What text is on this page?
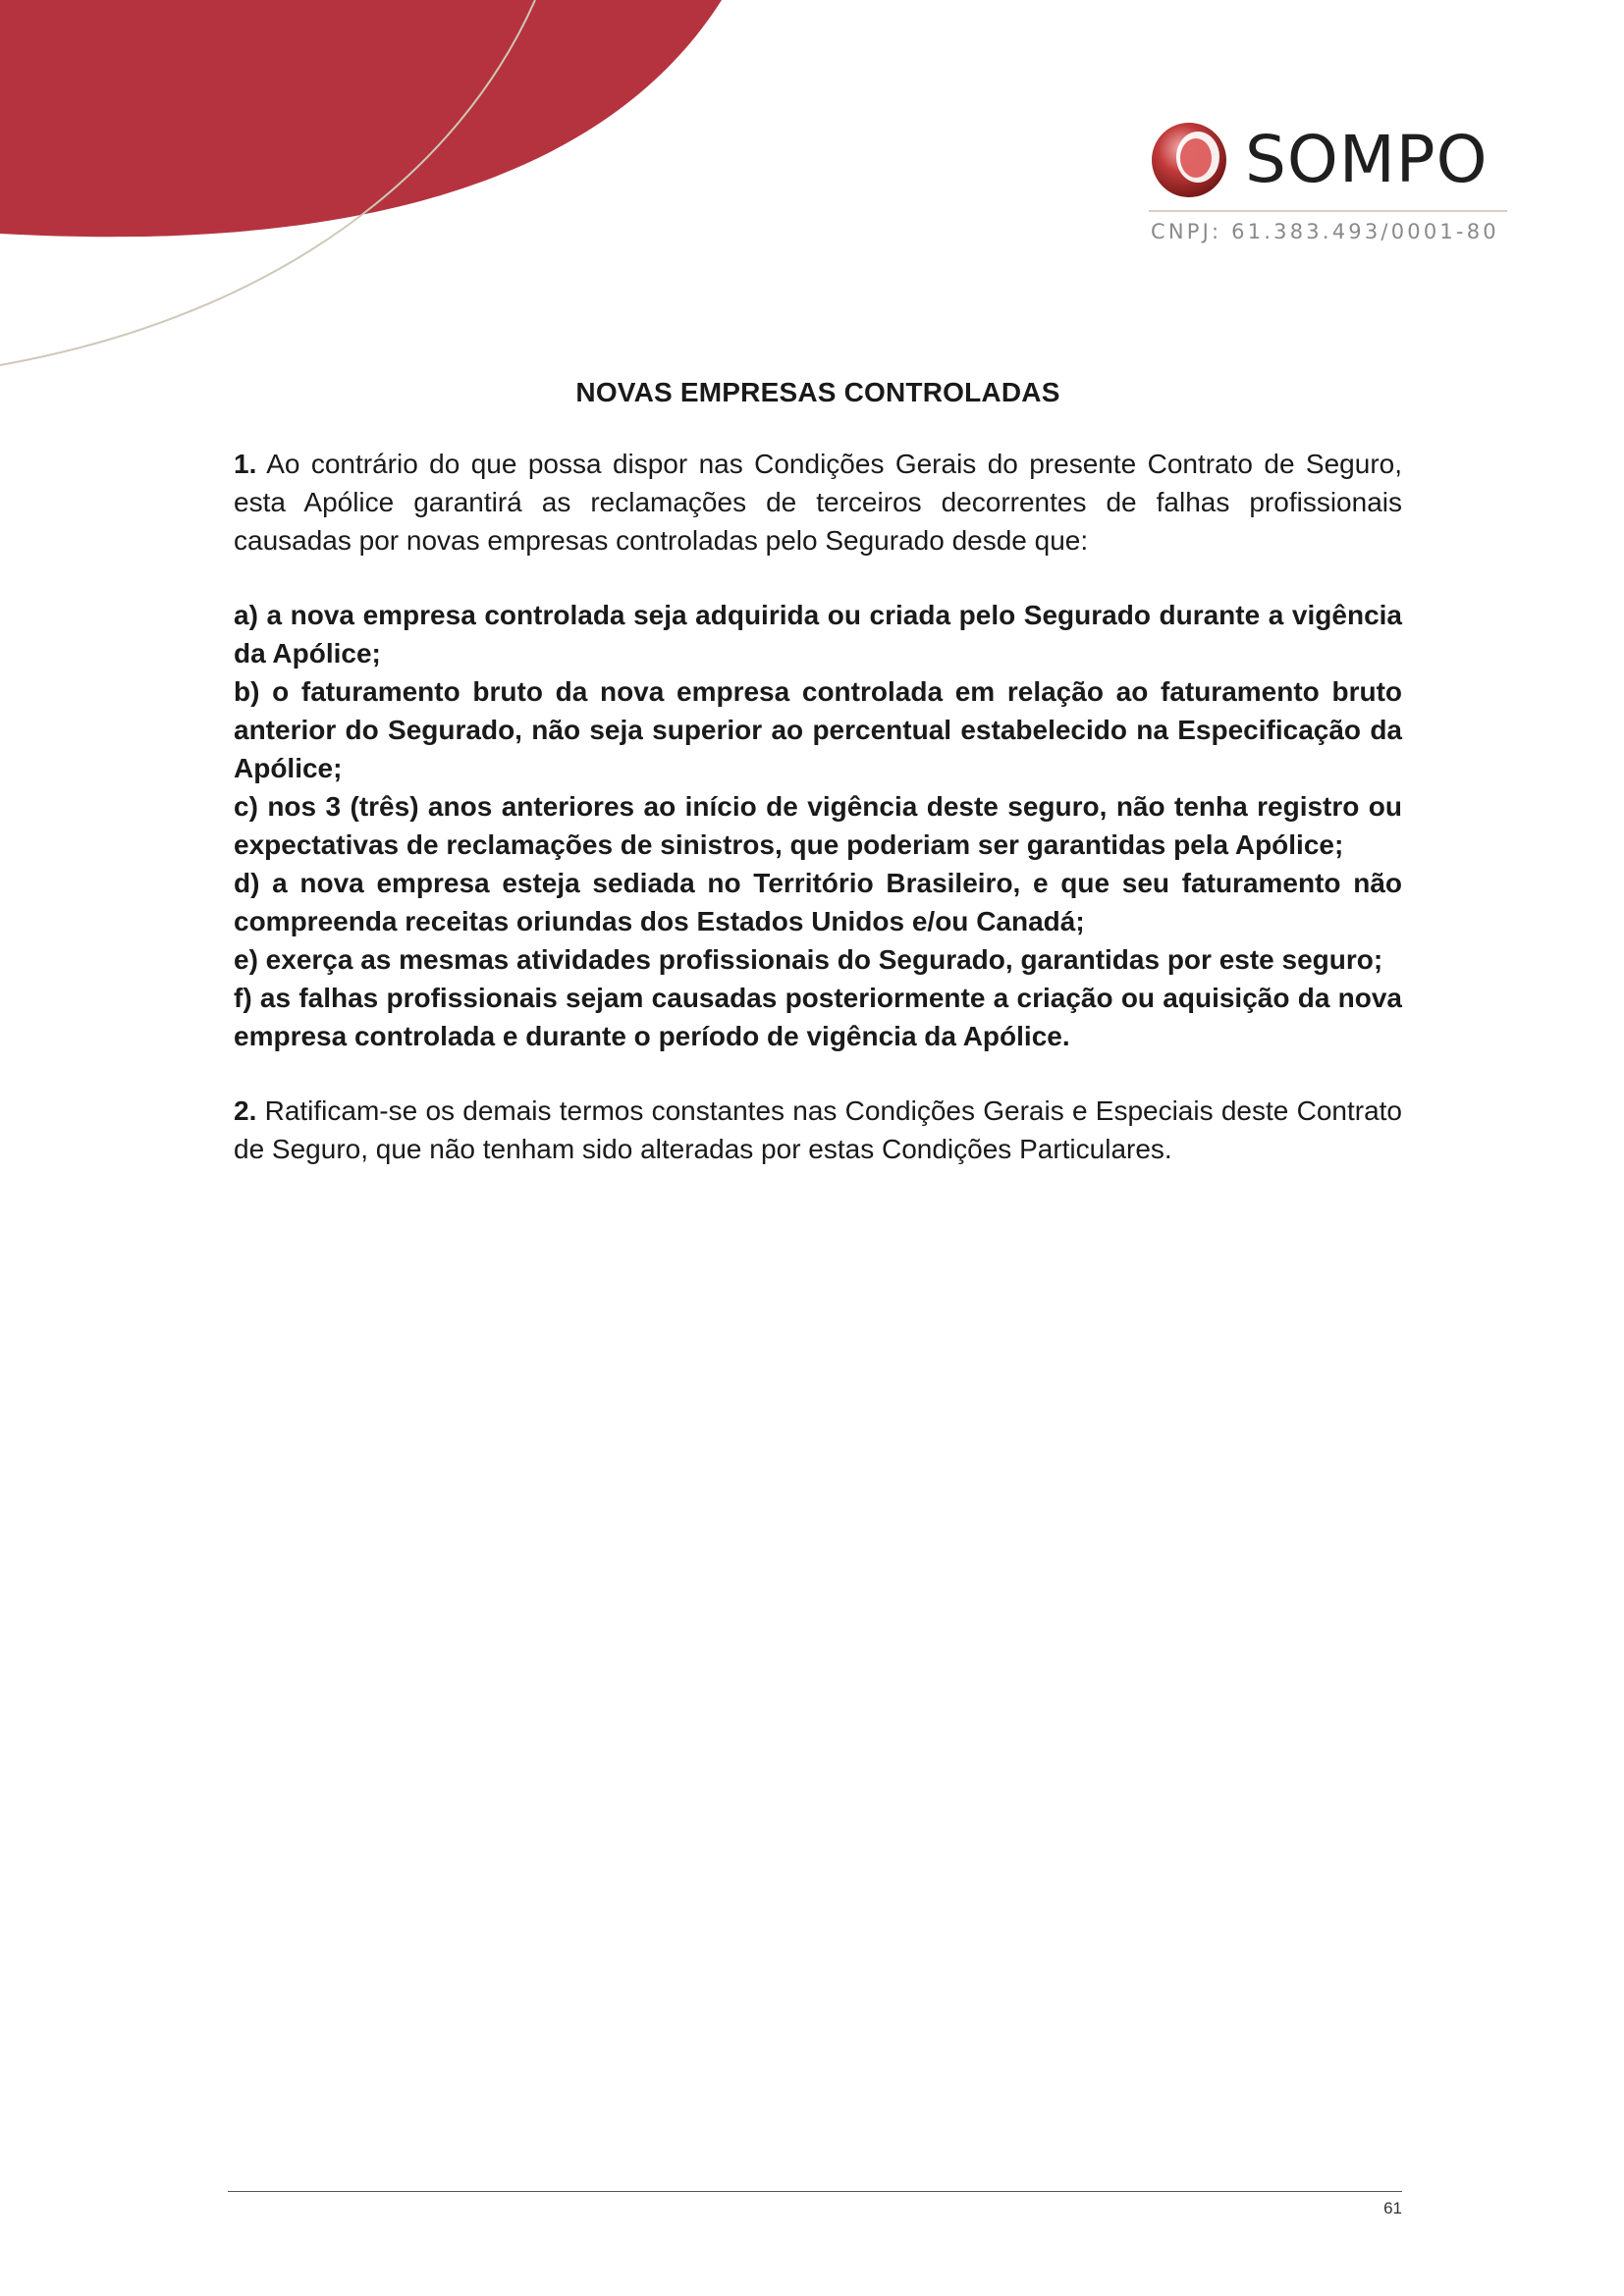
SOMPO
CNPJ: 61.383.493/0001-80
NOVAS EMPRESAS CONTROLADAS

1. Ao contrário do que possa dispor nas Condições Gerais do presente Contrato de Seguro, esta Apólice garantirá as reclamações de terceiros decorrentes de falhas profissionais causadas por novas empresas controladas pelo Segurado desde que:

a) a nova empresa controlada seja adquirida ou criada pelo Segurado durante a vigência da Apólice;

b) o faturamento bruto da nova empresa controlada em relação ao faturamento bruto anterior do Segurado, não seja superior ao percentual estabelecido na Especificação da Apólice;

c) nos 3 (três) anos anteriores ao início de vigência deste seguro, não tenha registro ou expectativas de reclamações de sinistros, que poderiam ser garantidas pela Apólice;

d) a nova empresa esteja sediada no Território Brasileiro, e que seu faturamento não compreenda receitas oriundas dos Estados Unidos e/ou Canadá;

e) exerça as mesmas atividades profissionais do Segurado, garantidas por este seguro;

f) as falhas profissionais sejam causadas posteriormente a criação ou aquisição da nova empresa controlada e durante o período de vigência da Apólice.

2. Ratificam-se os demais termos constantes nas Condições Gerais e Especiais deste Contrato de Seguro, que não tenham sido alteradas por estas Condições Particulares.

61
